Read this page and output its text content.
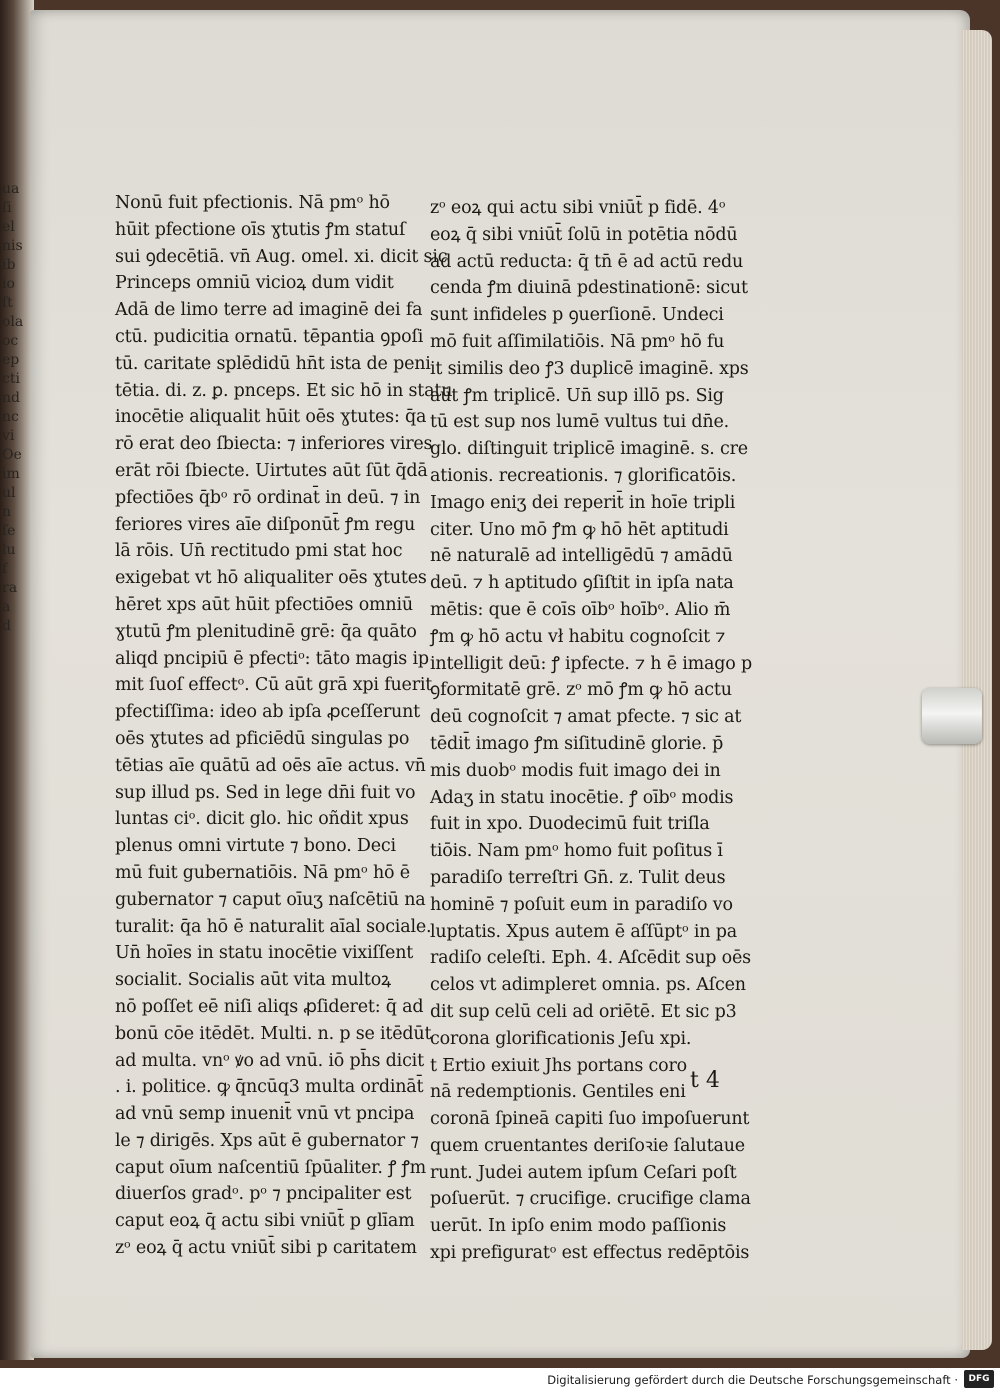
ua
ſi
el
nis
ib
io
ſt
ola
oc
ep
cti
nd
nc
vi
Oe
im
ul
n
ſe
lu
f
ra
a
d
Nonū fuit pfectionis. Nā pmᵒ hō
hūit pfectione oīs ɣtutis ꝭm statuſ
sui ꝯdecētiā. vn̄ Aug. omel. xi. dicit sic
Princeps omniū vicioꝝ dum vidit
Adā de limo terre ad imaginē dei fa
ctū. pudicitia ornatū. tēpantia ꝯpoſi
tū. caritate splēdidū hn̄t ista de peni
tētia. di. z. ꝑ. pnceps. Et sic hō in statu
inocētie aliqualit hūit oēs ɣtutes: q̄a
rō erat deo ſbiecta: ⁊ inferiores vires
erāt rōi ſbiecte. Uirtutes aūt ſūt q̄dā
pfectiōes q̄bᵒ rō ordinat̄ in deū. ⁊ in
feriores vires aīe diſponūt̄ ꝭm regu
lā rōis. Un̄ rectitudo pmi stat hoc
exigebat vt hō aliqualiter oēs ɣtutes
hēret xps aūt hūit pfectiōes omniū
ɣtutū ꝭm plenitudinē grē: q̄a quāto
aliqd pncipiū ē pfectiᵒ: tāto magis ip
mit ſuoſ effectᵒ. Cū aūt grā xpi fuerit
pfectiſſima: ideo ab ipſa ꝓceſſerunt
oēs ɣtutes ad pficiēdū singulas po
tētias aīe quātū ad oēs aīe actus. vn̄
sup illud ps. Sed in lege dn̄i fuit vo
luntas ciᵒ. dicit glo. hic oñdit xpus
plenus omni virtute ⁊ bono. Deci
mū fuit gubernatiōis. Nā pmᵒ hō ē
gubernator ⁊ caput oīuʒ naſcētiū na
turalit: q̄a hō ē naturalit aīal sociale.
Un̄ hoīes in statu inocētie vixiſſent
socialit. Socialis aūt vita multoꝝ
nō poſſet eē niſi aliqs ꝓſideret: q̄ ad
bonū cōe itēdēt. Multi. n. p se itēdūt
ad multa. vnᵒ ꝟo ad vnū. iō ph̄s dicit
. i. politice. ꝙ q̄ncūq3 multa ordināt̄
ad vnū semp inuenit̄ vnū vt pncipa
le ⁊ dirigēs. Xps aūt ē gubernator ⁊
caput oīum naſcentiū ſpūaliter. ꝭ ꝭm
diuerſos gradᵒ. pᵒ ⁊ pncipaliter est
caput eoꝝ q̄ actu sibi vniūt̄ p glīam
zᵒ eoꝝ q̄ actu vniūt̄ sibi p caritatem
zᵒ eoꝝ qui actu sibi vniūt̄ p fidē. 4ᵒ
eoꝝ q̄ sibi vniūt̄ ſolū in potētia nōdū
ad actū reducta: q̄ tn̄ ē ad actū redu
cenda ꝭm diuinā pdestinationē: sicut
sunt infideles p ꝯuerſionē. Undeci
mō fuit aſſimilatiōis. Nā pmᵒ hō fu
it similis deo ꝭ3 duplicē imaginē. xps
aūt ꝭm triplicē. Un̄ sup illō ps. Sig
tū est sup nos lumē vultus tui dn̄e.
glo. diſtinguit triplicē imaginē. s. cre
ationis. recreationis. ⁊ glorificatōis.
Imago eniʒ dei reperit̄ in hoīe tripli
citer. Uno mō ꝭm ꝙ hō hēt aptitudi
nē naturalē ad intelligēdū ⁊ amādū
deū. ⁊ h aptitudo ꝯſiſtit in ipſa nata
mētis: que ē coīs oībᵒ hoībᵒ. Alio m̄
ꝭm ꝙ hō actu vł habitu cognoſcit ⁊
intelligit deū: ꝭ ipfecte. ⁊ h ē imago p
ꝯformitatē grē. zᵒ mō ꝭm ꝙ hō actu
deū cognoſcit ⁊ amat pfecte. ⁊ sic at
tēdit̄ imago ꝭm siſitudinē glorie. p̄
mis duobᵒ modis fuit imago dei in
Adaʒ in statu inocētie. ꝭ oībᵒ modis
fuit in xpo. Duodecimū fuit triſla
tiōis. Nam pmᵒ homo fuit poſitus ī
paradiſo terreſtri Gn̄. z. Tulit deus
hominē ⁊ poſuit eum in paradiſo vo
luptatis. Xpus autem ē aſſūptᵒ in pa
radiſo celeſti. Eph. 4. Aſcēdit sup oēs
celos vt adimpleret omnia. ps. Aſcen
dit sup celū celi ad oriētē. Et sic p3
corona glorificationis Jeſu xpi.
t Ertio exiuit Jhs portans coro
nā redemptionis. Gentiles eni
coronā ſpineā capiti ſuo impoſuerunt
quem cruentantes deriſoꝛie ſalutaue
runt. Judei autem ipſum Ceſari poſt
poſuerūt. ⁊ crucifige. crucifige clama
uerūt. In ipſo enim modo paſſionis
xpi prefiguratᵒ est effectus redēptōis
t 4
Digitalisierung gefördert durch die Deutsche Forschungsgemeinschaft ·	DFG
